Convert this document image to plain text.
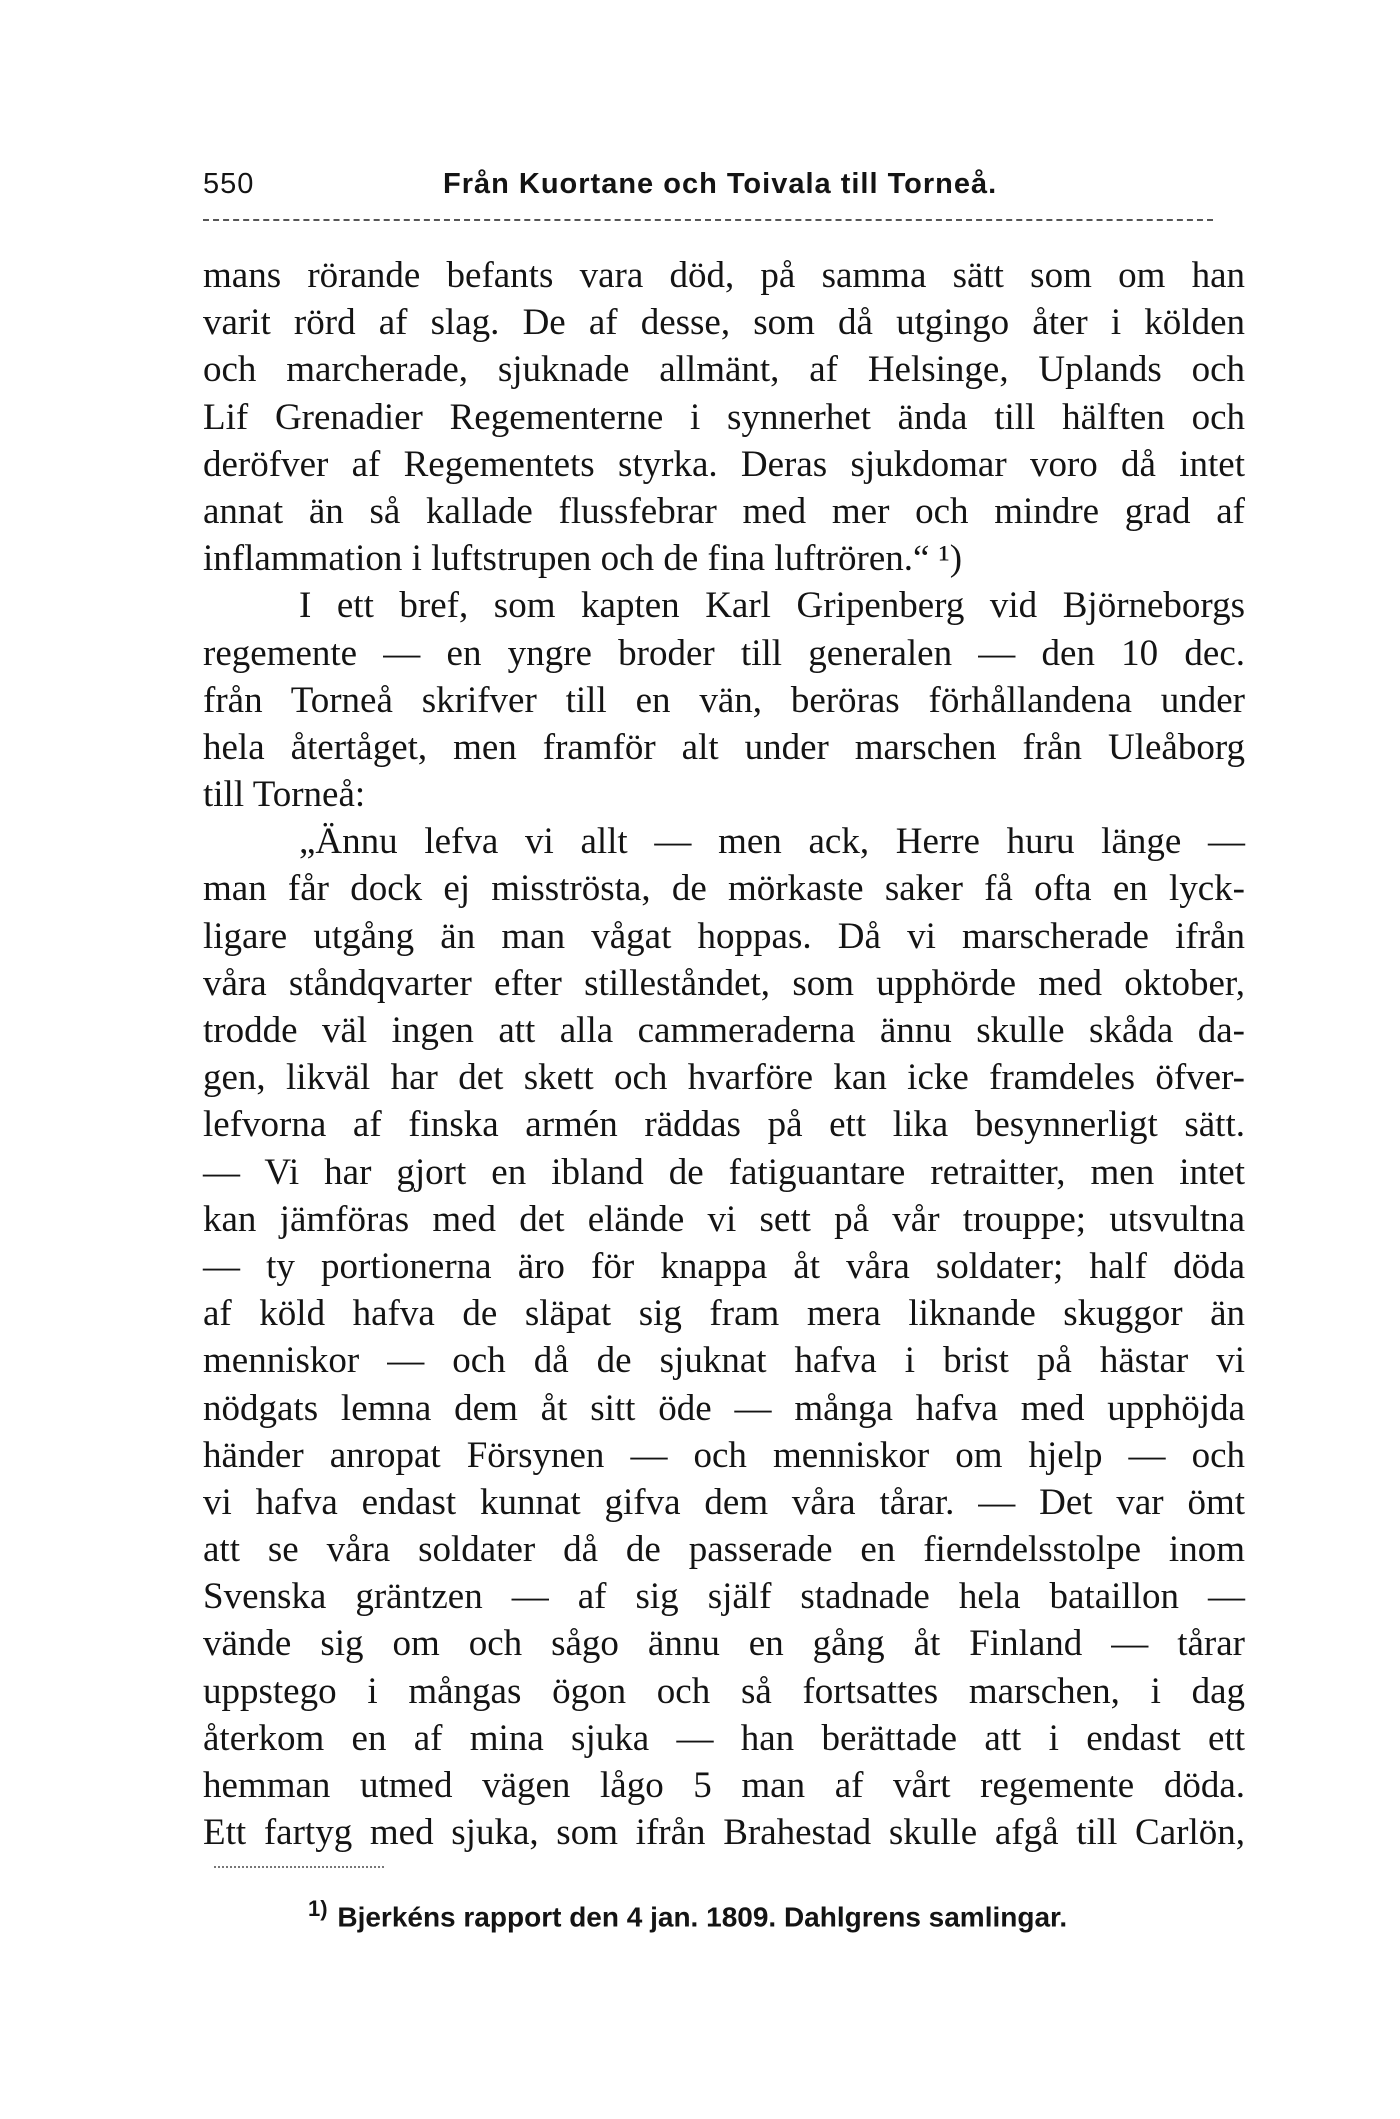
550	Från Kuortane och Toivala till Torneå.
mans rörande befants vara död, på samma sätt som om han
varit rörd af slag. De af desse, som då utgingo åter i kölden
och marcherade, sjuknade allmänt, af Helsinge, Uplands och
Lif Grenadier Regementerne i synnerhet ända till hälften och
deröfver af Regementets styrka. Deras sjukdomar voro då intet
annat än så kallade flussfebrar med mer och mindre grad af
inflammation i luftstrupen och de fina luftrören.“ ¹)
I ett bref, som kapten Karl Gripenberg vid Björneborgs
regemente — en yngre broder till generalen — den 10 dec.
från Torneå skrifver till en vän, beröras förhållandena under
hela återtåget, men framför alt under marschen från Uleåborg
till Torneå:
„Ännu lefva vi allt — men ack, Herre huru länge —
man får dock ej misströsta, de mörkaste saker få ofta en lyck-
ligare utgång än man vågat hoppas. Då vi marscherade ifrån
våra ståndqvarter efter stilleståndet, som upphörde med oktober,
trodde väl ingen att alla cammeraderna ännu skulle skåda da-
gen, likväl har det skett och hvarföre kan icke framdeles öfver-
lefvorna af finska armén räddas på ett lika besynnerligt sätt.
— Vi har gjort en ibland de fatiguantare retraitter, men intet
kan jämföras med det elände vi sett på vår trouppe; utsvultna
— ty portionerna äro för knappa åt våra soldater; half döda
af köld hafva de släpat sig fram mera liknande skuggor än
menniskor — och då de sjuknat hafva i brist på hästar vi
nödgats lemna dem åt sitt öde — många hafva med upphöjda
händer anropat Försynen — och menniskor om hjelp — och
vi hafva endast kunnat gifva dem våra tårar. — Det var ömt
att se våra soldater då de passerade en fierndelsstolpe inom
Svenska gräntzen — af sig själf stadnade hela bataillon —
vände sig om och sågo ännu en gång åt Finland — tårar
uppstego i mångas ögon och så fortsattes marschen, i dag
återkom en af mina sjuka — han berättade att i endast ett
hemman utmed vägen lågo 5 man af vårt regemente döda.
Ett fartyg med sjuka, som ifrån Brahestad skulle afgå till Carlön,
$^{1)}$ Bjerkéns rapport den 4 jan. 1809. Dahlgrens samlingar.
